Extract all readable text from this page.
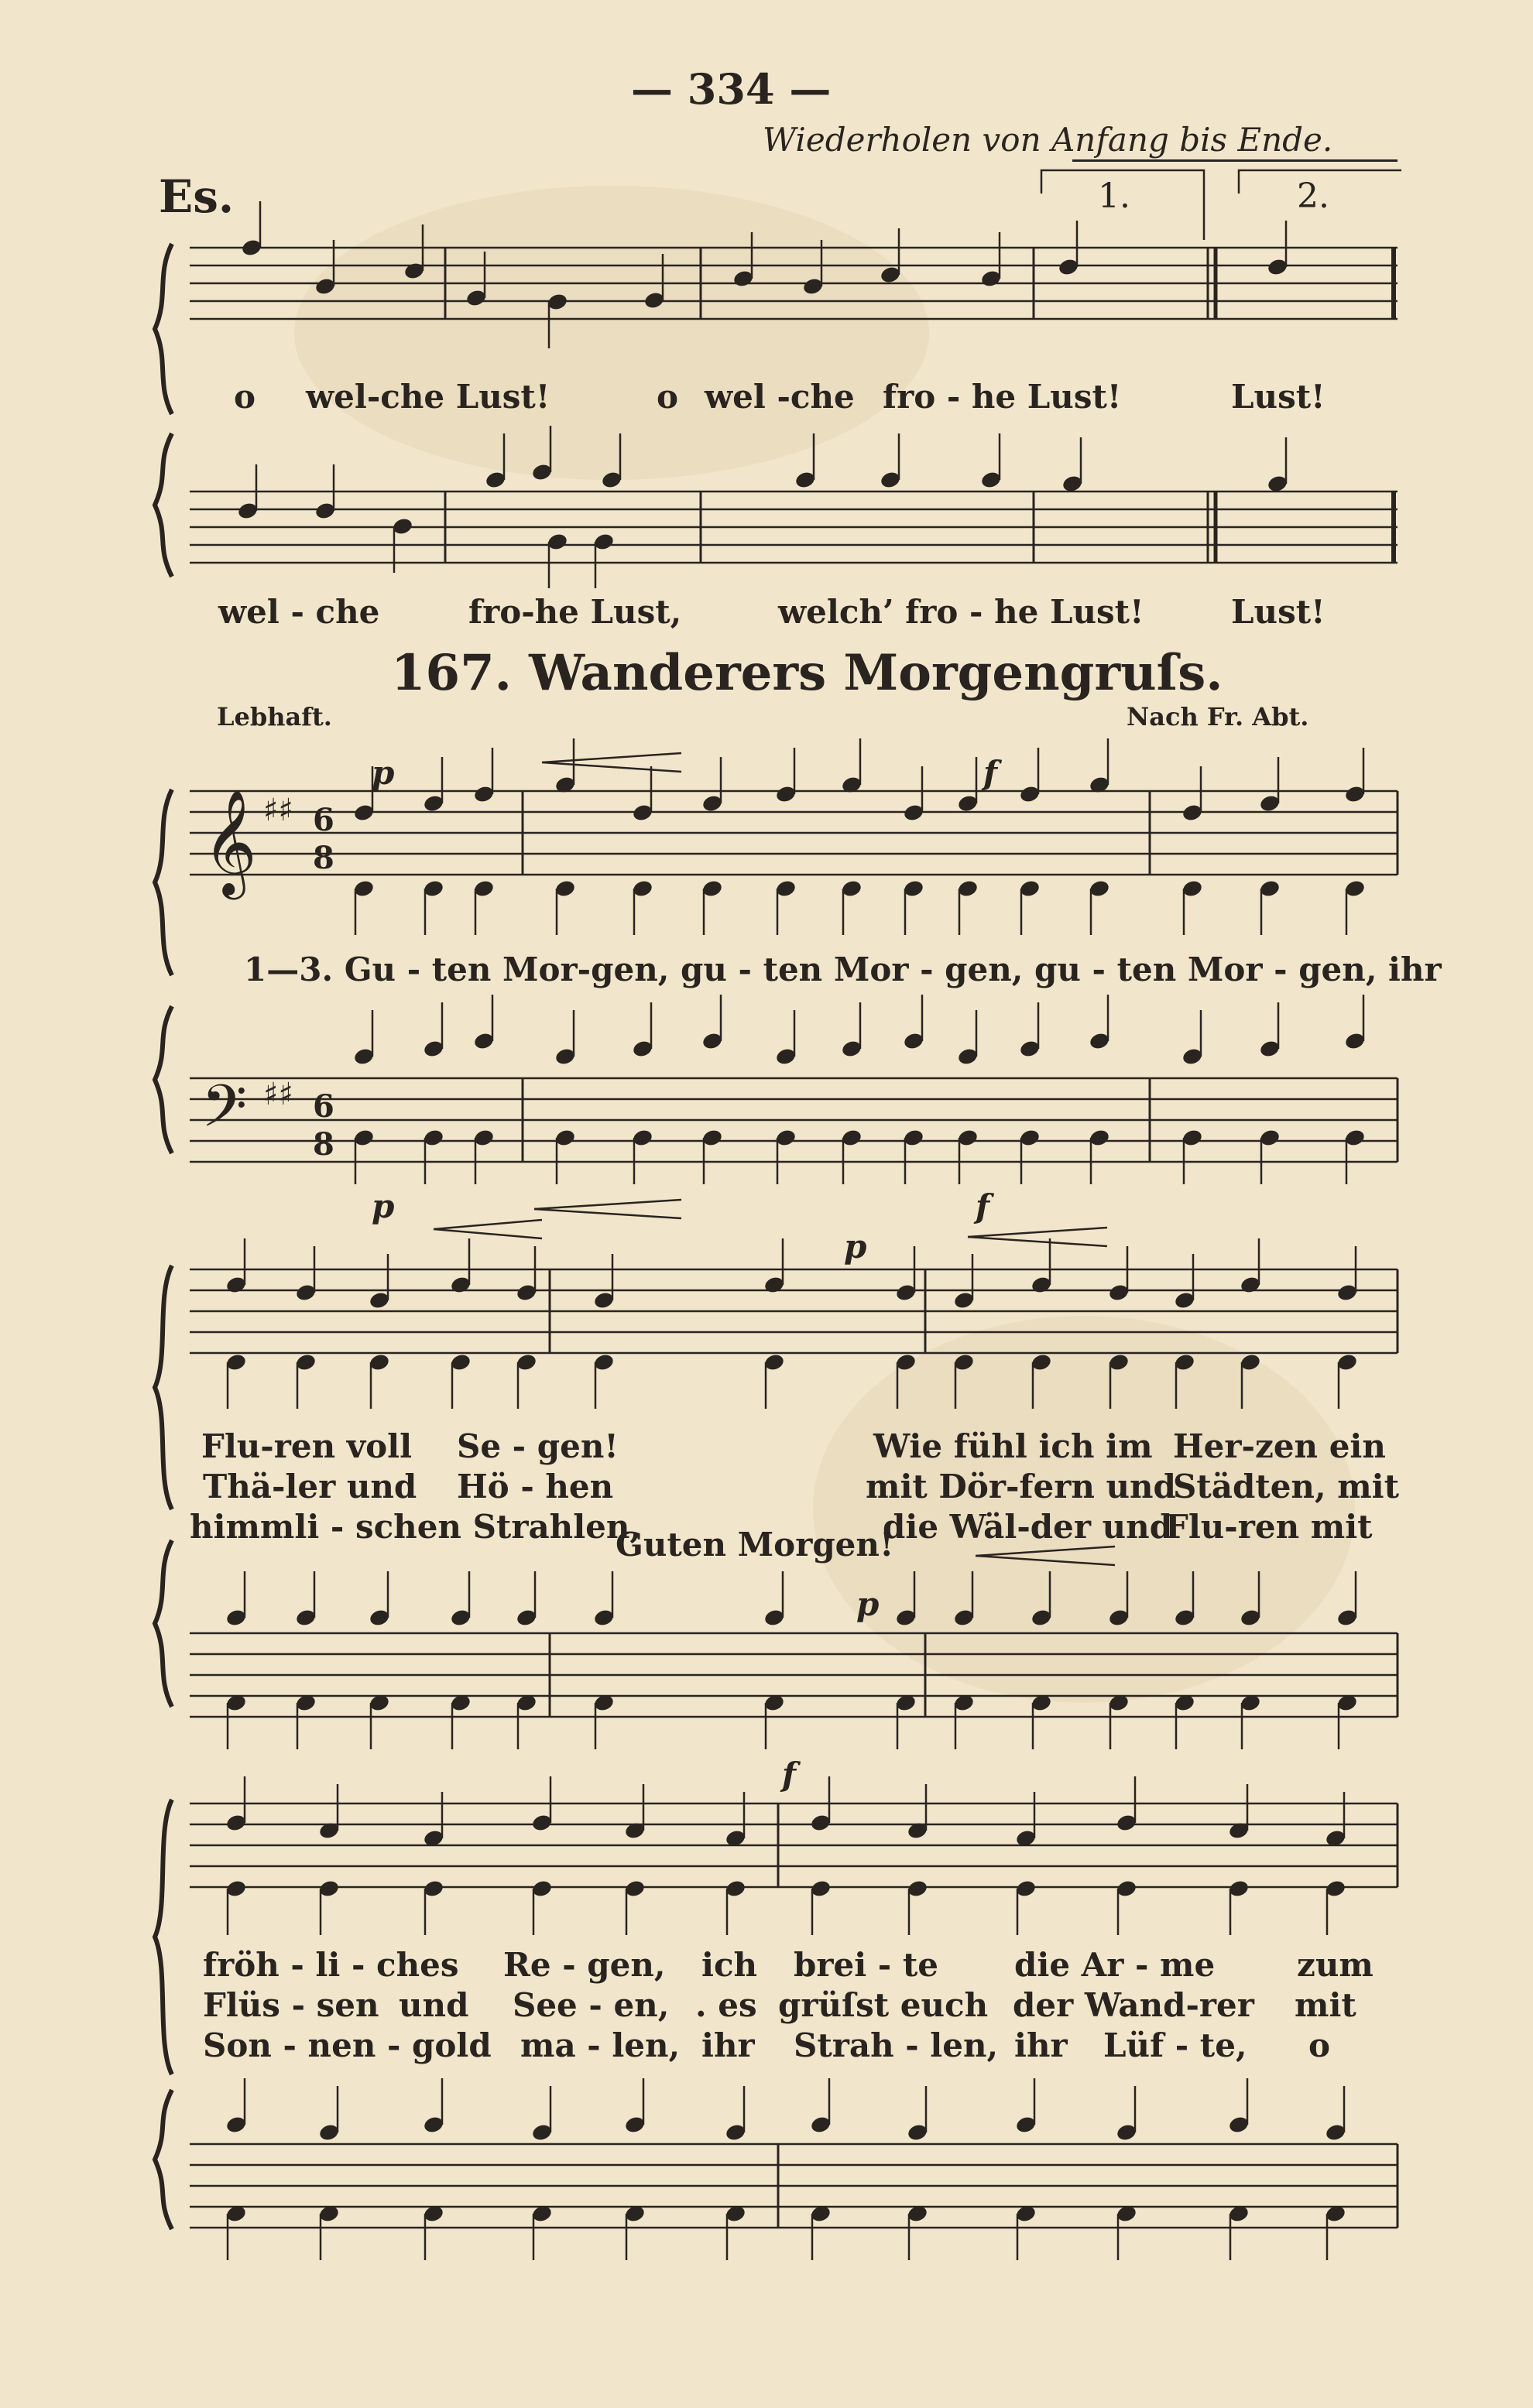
— 334 —
Wiederholen von Anfang bis Ende.
Es.	1.	2.
o wel-che Lust!	o wel -che fro - he Lust!	Lust!
wel - che	fro-he Lust,	welch’ fro - he Lust!	Lust!
167. Wanderers Morgengruſs.
Lebhaft.	Nach Fr. Abt.
p	f
p
p
f
p
f
1—3. Gu - ten Mor-gen, gu - ten Mor - gen, gu - ten Mor - gen, ihr
Flu-ren voll Se - gen!	Wie fühl ich im Her-zen ein
Thä-ler und Hö - hen	mit Dör-fern und
Städten, mit
himmli - schen Strahlen,
Guten Morgen!
die Wäl-der und
Flu-ren mit
fröh - li - ches Re - gen, ich brei - te die Ar - me	zum
Flüs - sen und See - en, . es grüſst euch der Wand-rer mit
Son - nen - gold ma - len, ihr Strah - len, ihr Lüf - te, o
𝄞
𝄢
6
8
6
8
♯♯
♯♯
